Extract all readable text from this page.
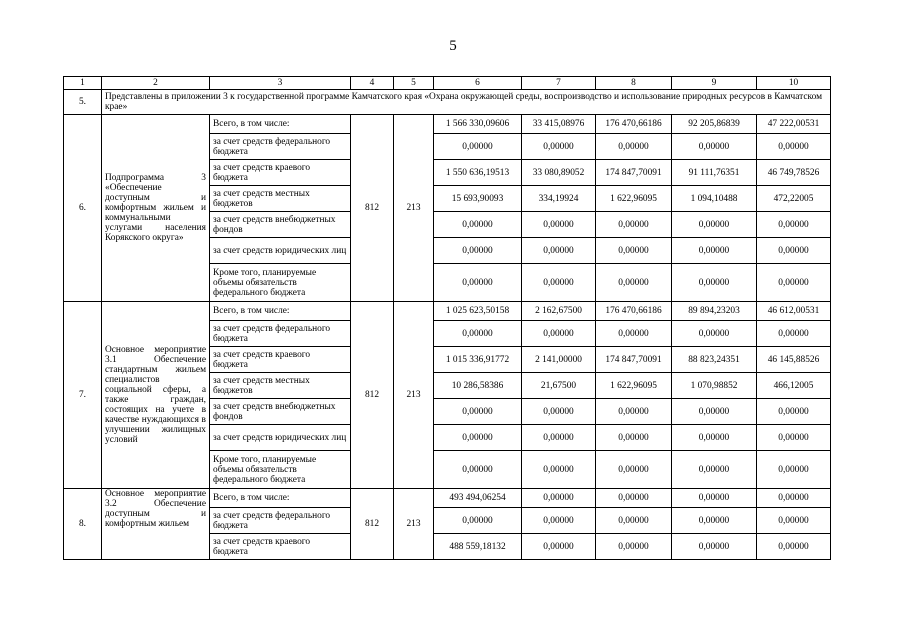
5
1	2	3	4	5	6	7	8	9	10
5.	Представлены в приложении 3 к государственной программе Камчатского края «Охрана окружающей среды, воспроизводство и использование природных ресурсов в Камчатском крае»								
6.	Подпрограмма 3 «Обеспечение доступным и комфортным жильем и коммунальными услугами населения Корякского округа»	Всего, в том числе:	812	213	1 566 330,09606	33 415,08976	176 470,66186	92 205,86839	47 222,00531
		за счет средств федерального бюджета			0,00000	0,00000	0,00000	0,00000	0,00000
		за счет средств краевого бюджета			1 550 636,19513	33 080,89052	174 847,70091	91 111,76351	46 749,78526
		за счет средств местных бюджетов			15 693,90093	334,19924	1 622,96095	1 094,10488	472,22005
		за счет средств внебюджетных фондов			0,00000	0,00000	0,00000	0,00000	0,00000
		за счет средств юридических лиц			0,00000	0,00000	0,00000	0,00000	0,00000
		Кроме того, планируемые объемы обязательств федерального бюджета			0,00000	0,00000	0,00000	0,00000	0,00000
7.	Основное мероприятие 3.1 Обеспечение стандартным жильем специалистов социальной сферы, а также граждан, состоящих на учете в качестве нуждающихся в улучшении жилищных условий	Всего, в том числе:	812	213	1 025 623,50158	2 162,67500	176 470,66186	89 894,23203	46 612,00531
		за счет средств федерального бюджета			0,00000	0,00000	0,00000	0,00000	0,00000
		за счет средств краевого бюджета			1 015 336,91772	2 141,00000	174 847,70091	88 823,24351	46 145,88526
		за счет средств местных бюджетов			10 286,58386	21,67500	1 622,96095	1 070,98852	466,12005
		за счет средств внебюджетных фондов			0,00000	0,00000	0,00000	0,00000	0,00000
		за счет средств юридических лиц			0,00000	0,00000	0,00000	0,00000	0,00000
		Кроме того, планируемые объемы обязательств федерального бюджета			0,00000	0,00000	0,00000	0,00000	0,00000
8.	Основное мероприятие 3.2 Обеспечение доступным и комфортным жильем	Всего, в том числе:	812	213	493 494,06254	0,00000	0,00000	0,00000	0,00000
		за счет средств федерального бюджета			0,00000	0,00000	0,00000	0,00000	0,00000
		за счет средств краевого бюджета			488 559,18132	0,00000	0,00000	0,00000	0,00000
